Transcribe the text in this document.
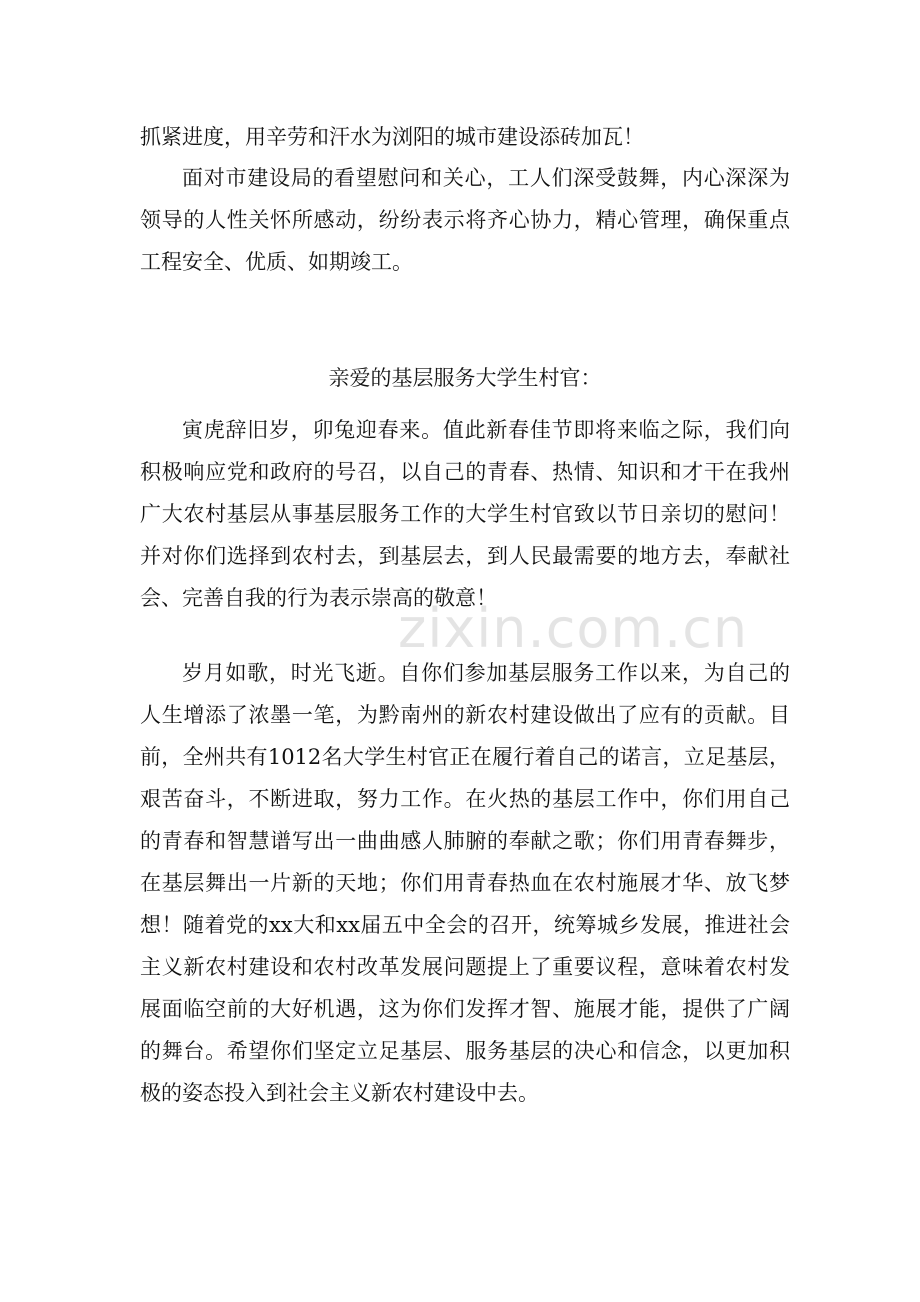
抓紧进度，用辛劳和汗水为浏阳的城市建设添砖加瓦！

面对市建设局的看望慰问和关心，工人们深受鼓舞，内心深深为领导的人性关怀所感动，纷纷表示将齐心协力，精心管理，确保重点工程安全、优质、如期竣工。

亲爱的基层服务大学生村官：

寅虎辞旧岁，卯兔迎春来。值此新春佳节即将来临之际，我们向积极响应党和政府的号召，以自己的青春、热情、知识和才干在我州广大农村基层从事基层服务工作的大学生村官致以节日亲切的慰问！并对你们选择到农村去，到基层去，到人民最需要的地方去，奉献社会、完善自我的行为表示崇高的敬意！

岁月如歌，时光飞逝。自你们参加基层服务工作以来，为自己的人生增添了浓墨一笔，为黔南州的新农村建设做出了应有的贡献。目前，全州共有1012名大学生村官正在履行着自己的诺言，立足基层，艰苦奋斗，不断进取，努力工作。在火热的基层工作中，你们用自己的青春和智慧谱写出一曲曲感人肺腑的奉献之歌；你们用青春舞步，在基层舞出一片新的天地；你们用青春热血在农村施展才华、放飞梦想！随着党的xx大和xx届五中全会的召开，统筹城乡发展，推进社会主义新农村建设和农村改革发展问题提上了重要议程，意味着农村发展面临空前的大好机遇，这为你们发挥才智、施展才能，提供了广阔的舞台。希望你们坚定立足基层、服务基层的决心和信念，以更加积极的姿态投入到社会主义新农村建设中去。

zixin.com.cn
